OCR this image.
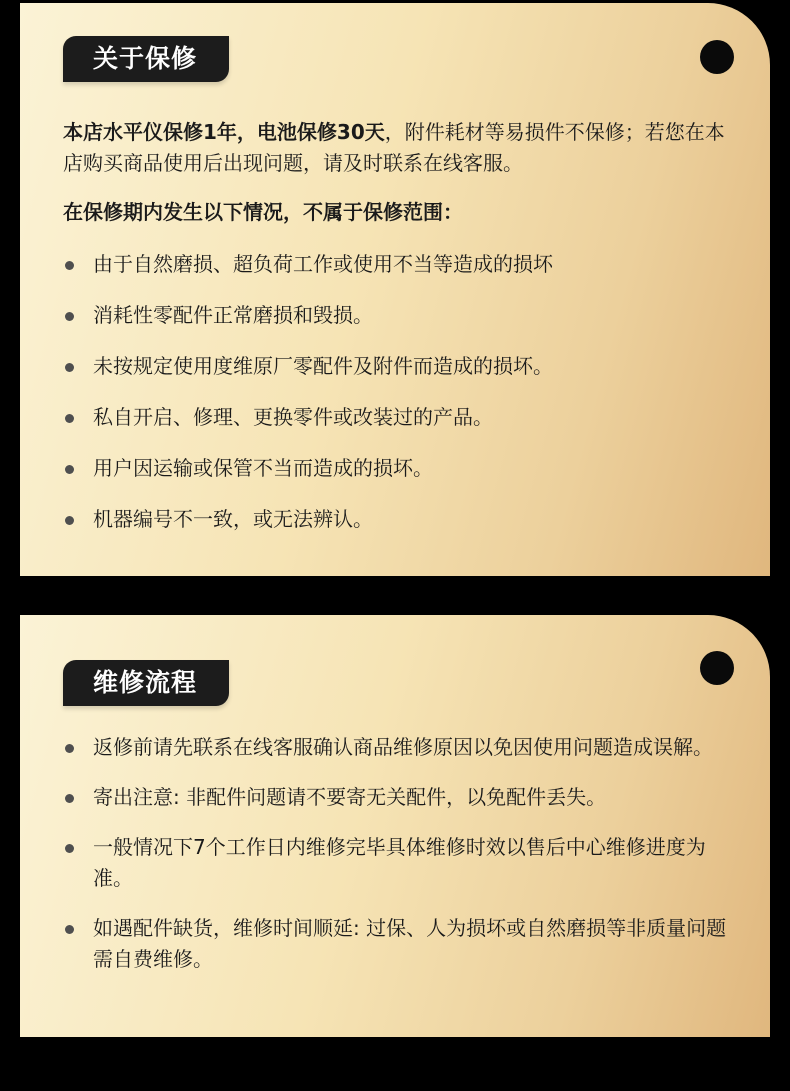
关于保修

本店水平仪保修1年，电池保修30天，附件耗材等易损件不保修；若您在本店购买商品使用后出现问题，请及时联系在线客服。

在保修期内发生以下情况，不属于保修范围：

由于自然磨损、超负荷工作或使用不当等造成的损坏
消耗性零配件正常磨损和毁损。
未按规定使用度维原厂零配件及附件而造成的损坏。
私自开启、修理、更换零件或改装过的产品。
用户因运输或保管不当而造成的损坏。
机器编号不一致，或无法辨认。
维修流程
返修前请先联系在线客服确认商品维修原因以免因使用问题造成误解。
寄出注意: 非配件问题请不要寄无关配件，以免配件丢失。
一般情况下7个工作日内维修完毕具体维修时效以售后中心维修进度为准。
如遇配件缺货，维修时间顺延: 过保、人为损坏或自然磨损等非质量问题需自费维修。
